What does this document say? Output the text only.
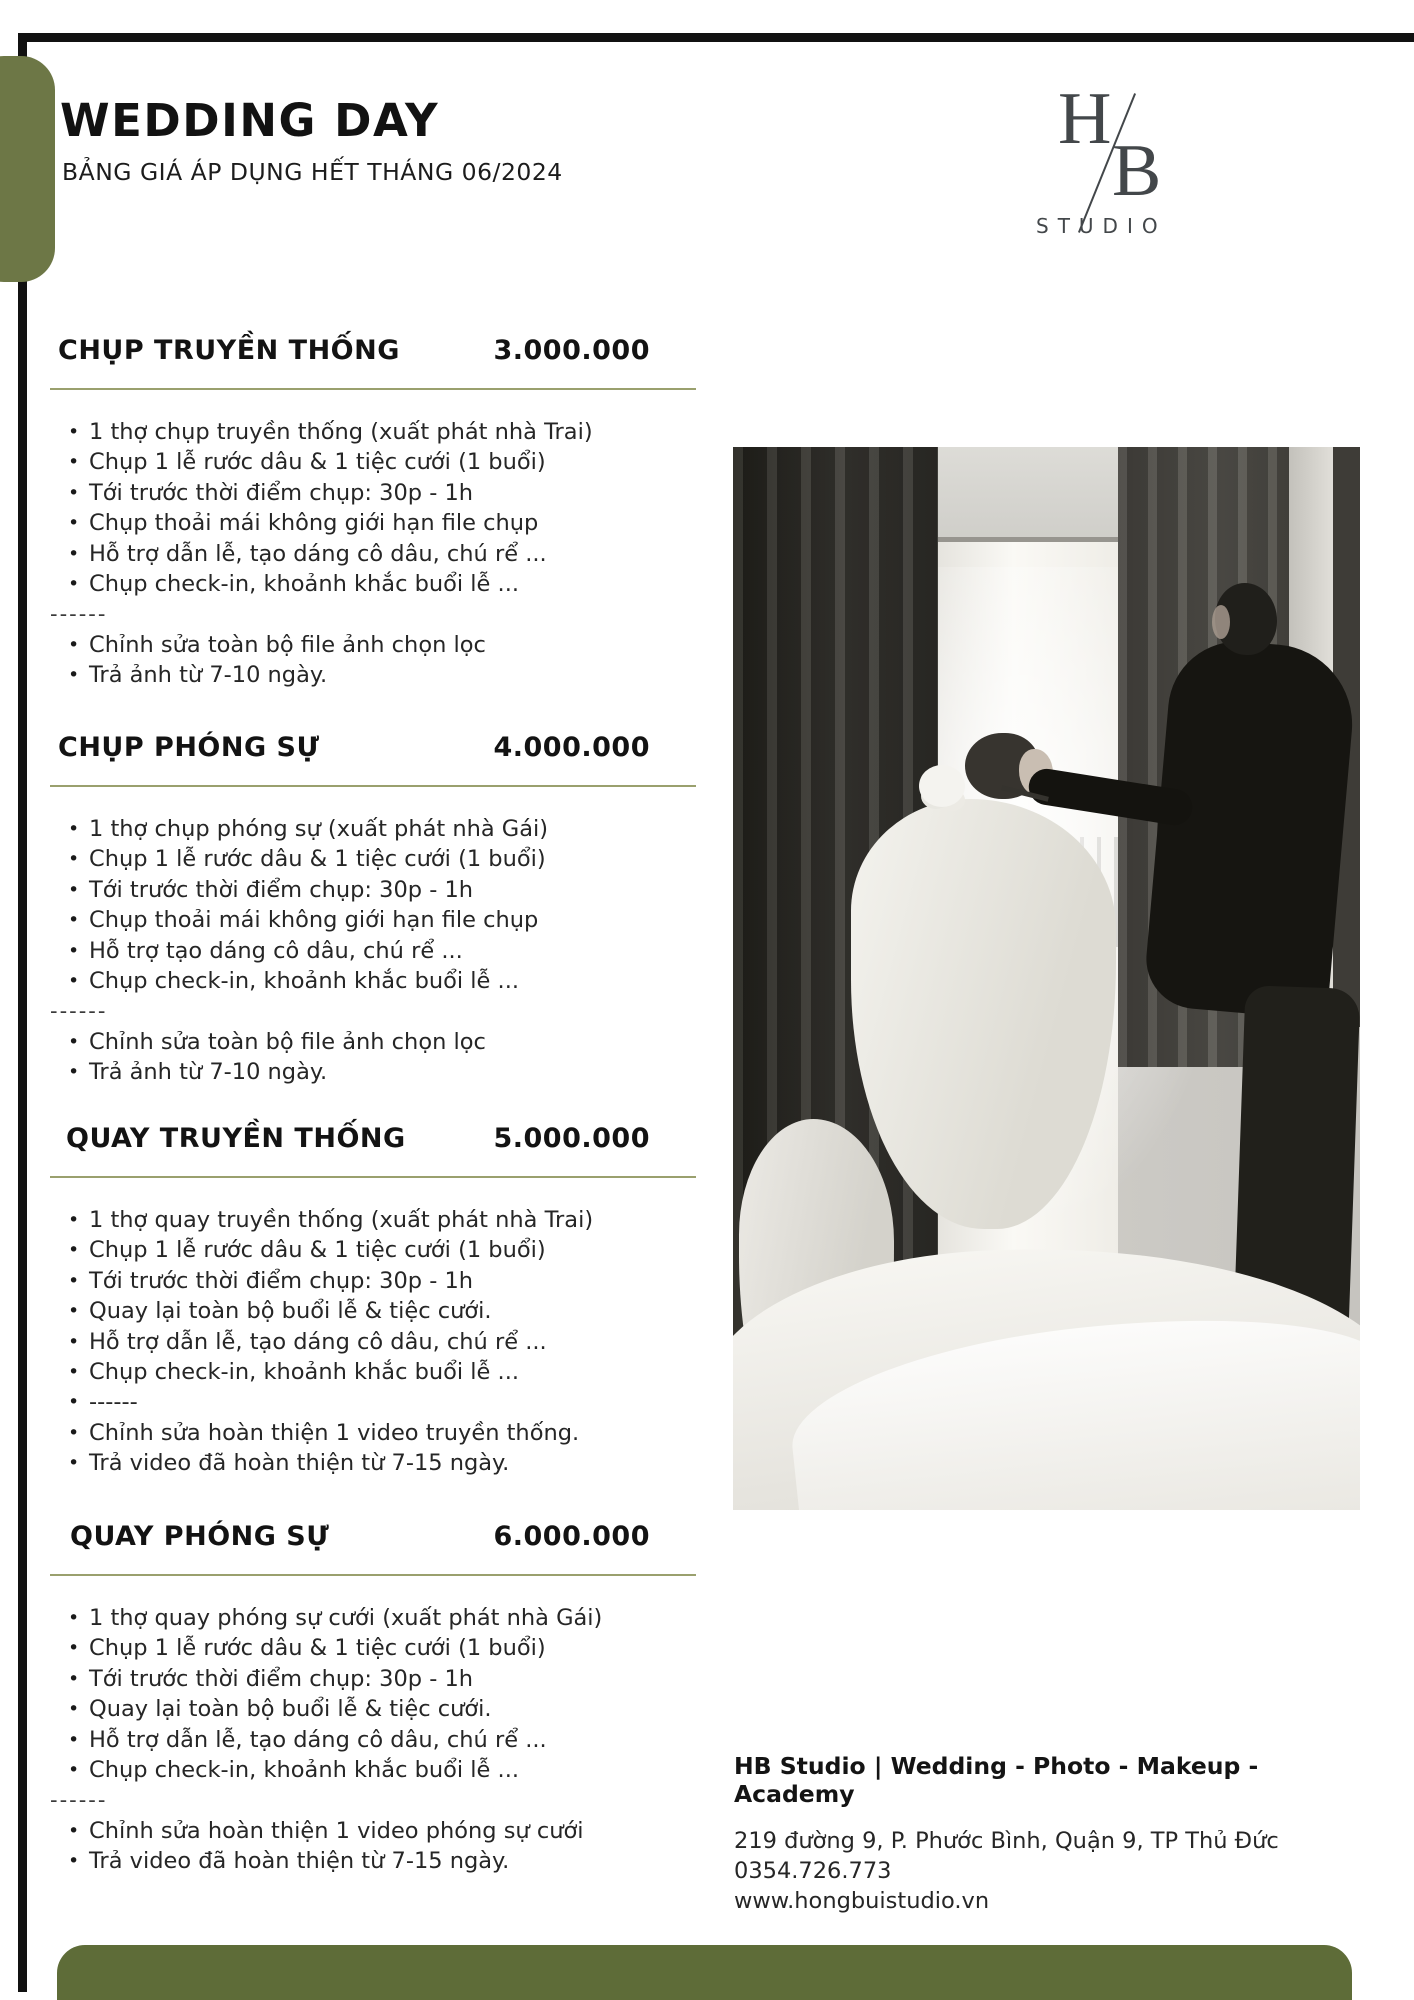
WEDDING DAY
BẢNG GIÁ ÁP DỤNG HẾT THÁNG 06/2024
H
B
STUDIO
CHỤP TRUYỀN THỐNG	3.000.000
• 1 thợ chụp truyền thống (xuất phát nhà Trai)
• Chụp 1 lễ rước dâu & 1 tiệc cưới (1 buổi)
• Tới trước thời điểm chụp: 30p - 1h
• Chụp thoải mái không giới hạn file chụp
• Hỗ trợ dẫn lễ, tạo dáng cô dâu, chú rể ...
• Chụp check-in, khoảnh khắc buổi lễ ...
------
• Chỉnh sửa toàn bộ file ảnh chọn lọc
• Trả ảnh từ 7-10 ngày.
CHỤP PHÓNG SỰ	4.000.000
• 1 thợ chụp phóng sự (xuất phát nhà Gái)
• Chụp 1 lễ rước dâu & 1 tiệc cưới (1 buổi)
• Tới trước thời điểm chụp: 30p - 1h
• Chụp thoải mái không giới hạn file chụp
• Hỗ trợ tạo dáng cô dâu, chú rể ...
• Chụp check-in, khoảnh khắc buổi lễ ...
------
• Chỉnh sửa toàn bộ file ảnh chọn lọc
• Trả ảnh từ 7-10 ngày.
QUAY TRUYỀN THỐNG	5.000.000
• 1 thợ quay truyền thống (xuất phát nhà Trai)
• Chụp 1 lễ rước dâu & 1 tiệc cưới (1 buổi)
• Tới trước thời điểm chụp: 30p - 1h
• Quay lại toàn bộ buổi lễ & tiệc cưới.
• Hỗ trợ dẫn lễ, tạo dáng cô dâu, chú rể ...
• Chụp check-in, khoảnh khắc buổi lễ ...
• ------
• Chỉnh sửa hoàn thiện 1 video truyền thống.
• Trả video đã hoàn thiện từ 7-15 ngày.
QUAY PHÓNG SỰ	6.000.000
• 1 thợ quay phóng sự cưới (xuất phát nhà Gái)
• Chụp 1 lễ rước dâu & 1 tiệc cưới (1 buổi)
• Tới trước thời điểm chụp: 30p - 1h
• Quay lại toàn bộ buổi lễ & tiệc cưới.
• Hỗ trợ dẫn lễ, tạo dáng cô dâu, chú rể ...
• Chụp check-in, khoảnh khắc buổi lễ ...
------
• Chỉnh sửa hoàn thiện 1 video phóng sự cưới
• Trả video đã hoàn thiện từ 7-15 ngày.
HB Studio | Wedding - Photo - Makeup - Academy
219 đường 9, P. Phước Bình, Quận 9, TP Thủ Đức
0354.726.773
www.hongbuistudio.vn
